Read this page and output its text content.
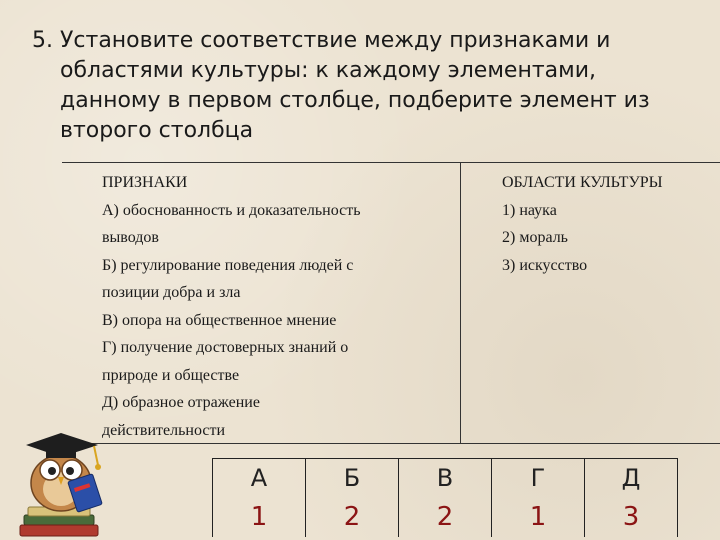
5. Установите соответствие между признаками и
областями культуры: к каждому элементами,
данному в первом столбце, подберите элемент из
второго столбца
ПРИЗНАКИ
А) обоснованность и доказательность
выводов
Б) регулирование поведения людей с
позиции добра и зла
В) опора на общественное мнение
Г) получение достоверных знаний о
природе и обществе
Д) образное отражение
действительности
ОБЛАСТИ КУЛЬТУРЫ
1) наука
2) мораль
3) искусство
А	Б	В	Г	Д
1	2	2	1	3
